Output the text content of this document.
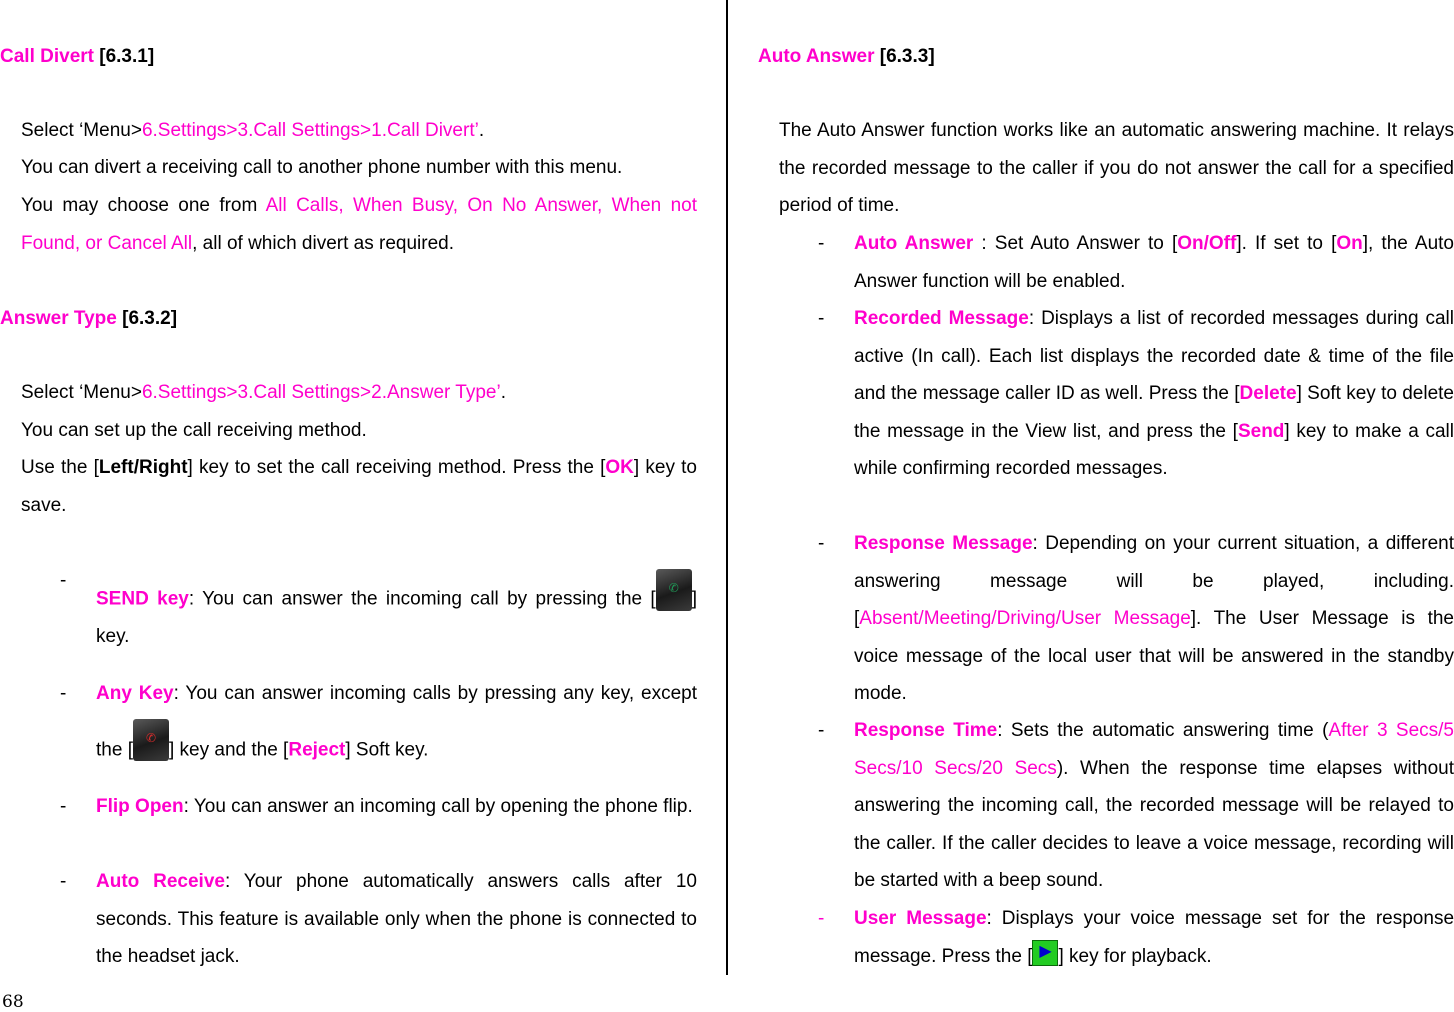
Call Divert [6.3.1]

Select ‘Menu>6.Settings>3.Call Settings>1.Call Divert’.

You can divert a receiving call to another phone number with this menu.

You may choose one from All Calls, When Busy, On No Answer, When not Found, or Cancel All, all of which divert as required.

Answer Type [6.3.2]

Select ‘Menu>6.Settings>3.Call Settings>2.Answer Type’.

You can set up the call receiving method.

Use the [Left/Right] key to set the call receiving method. Press the [OK] key to save.

-
SEND key: You can answer the incoming call by pressing the [
✆
] key.
- Any Key: You can answer incoming calls by pressing any key, except the [
✆
] key and the [Reject] Soft key.
- Flip Open: You can answer an incoming call by opening the phone flip.
- Auto Receive: Your phone automatically answers calls after 10 seconds. This feature is available only when the phone is connected to the headset jack.
Auto Answer [6.3.3]

The Auto Answer function works like an automatic answering machine. It relays the recorded message to the caller if you do not answer the call for a specified period of time.

- Auto Answer : Set Auto Answer to [On/Off]. If set to [On], the Auto Answer function will be enabled.
- Recorded Message: Displays a list of recorded messages during call active (In call). Each list displays the recorded date & time of the file and the message caller ID as well. Press the [Delete] Soft key to delete the message in the View list, and press the [Send] key to make a call while confirming recorded messages.
- Response Message: Depending on your current situation, a different answering message will be played, including. [Absent/Meeting/Driving/User Message]. The User Message is the voice message of the local user that will be answered in the standby mode.
- Response Time: Sets the automatic answering time (After 3 Secs/5 Secs/10 Secs/20 Secs). When the response time elapses without answering the incoming call, the recorded message will be relayed to the caller. If the caller decides to leave a voice message, recording will be started with a beep sound.
- User Message: Displays your voice message set for the response message. Press the [ ▶ ] key for playback.
68
